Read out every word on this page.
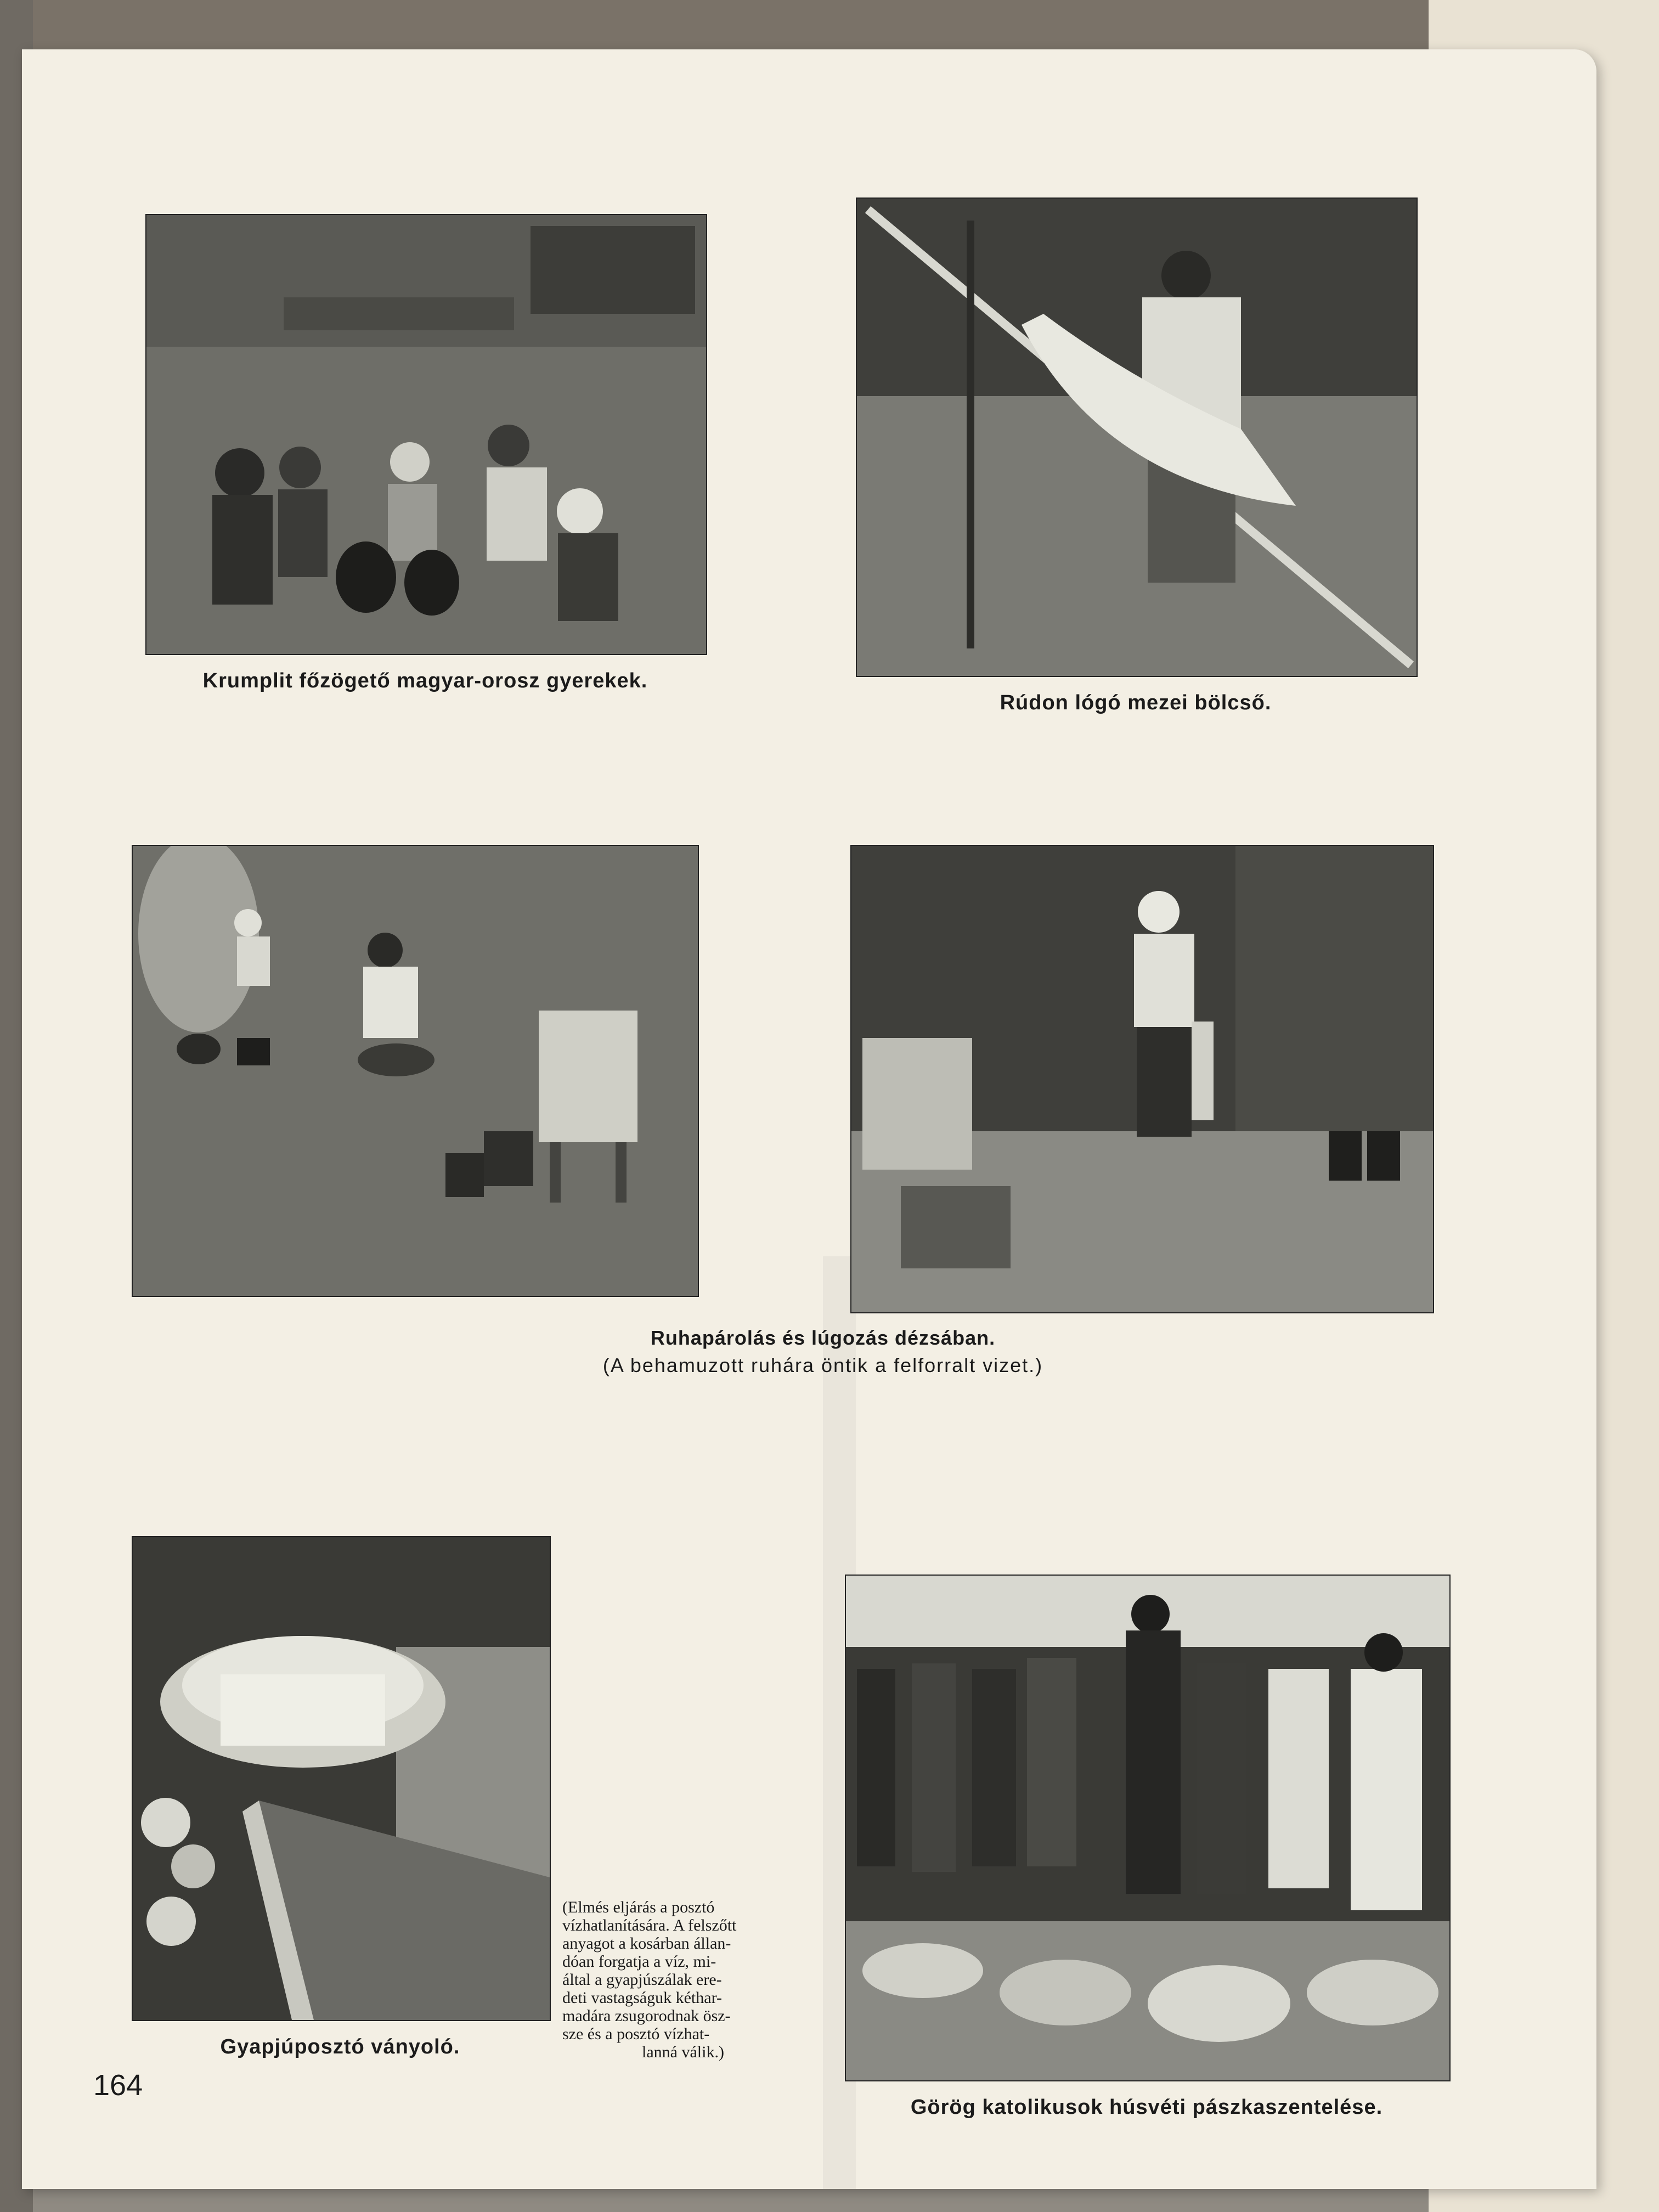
Krumplit főzögető magyar-orosz gyerekek.
Rúdon lógó mezei bölcső.
Ruhapárolás és lúgozás dézsában.
(A behamuzott ruhára öntik a felforralt vizet.)
Gyapjúposztó ványoló.
(Elmés eljárás a posztó
vízhatlanítására. A felszőtt
anyagot a kosárban állan-
dóan forgatja a víz, mi-
által a gyapjúszálak ere-
deti vastagságuk kéthar-
madára zsugorodnak ösz-
sze és a posztó vízhat-
lanná válik.)
Görög katolikusok húsvéti pászkaszentelése.
164
